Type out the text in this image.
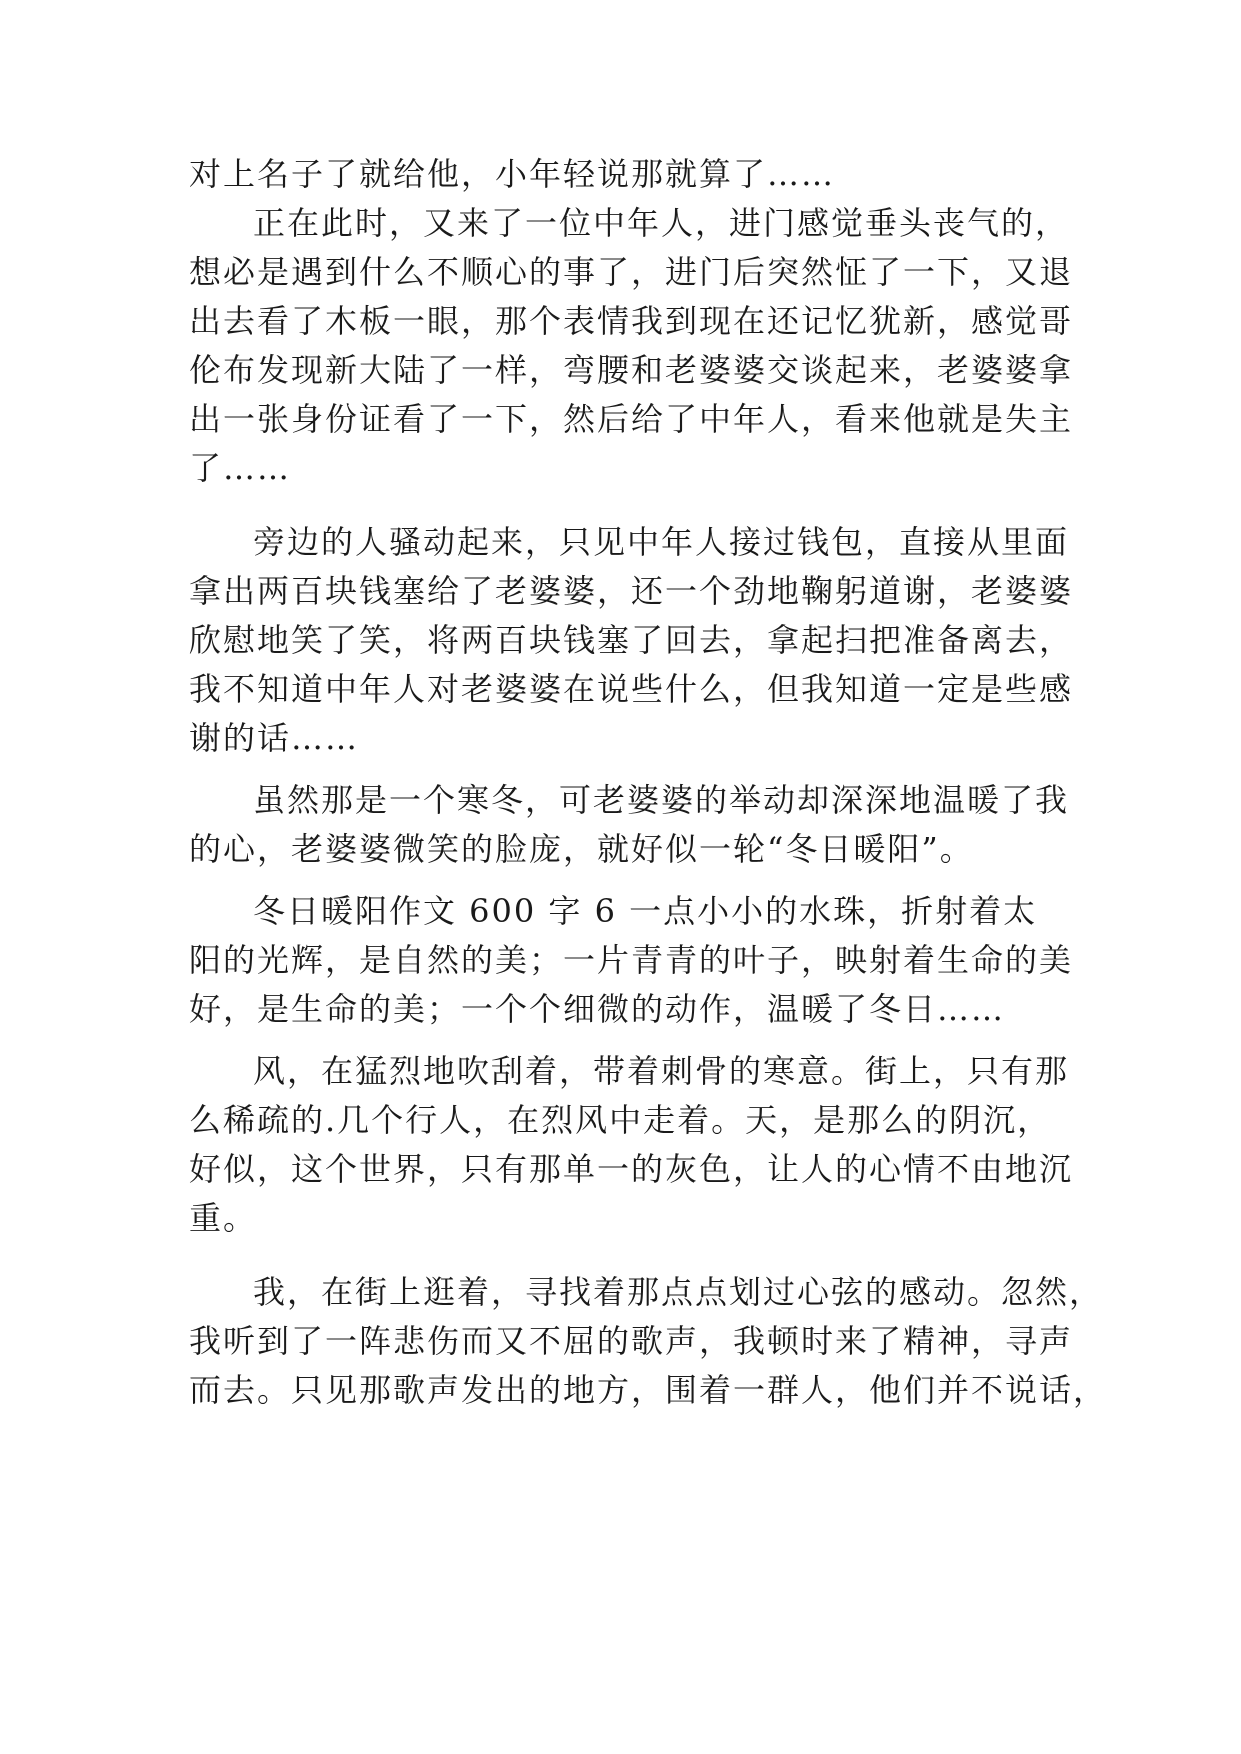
对上名子了就给他，小年轻说那就算了……
正在此时，又来了一位中年人，进门感觉垂头丧气的，
想必是遇到什么不顺心的事了，进门后突然怔了一下，又退
出去看了木板一眼，那个表情我到现在还记忆犹新，感觉哥
伦布发现新大陆了一样，弯腰和老婆婆交谈起来，老婆婆拿
出一张身份证看了一下，然后给了中年人，看来他就是失主
了……
旁边的人骚动起来，只见中年人接过钱包，直接从里面
拿出两百块钱塞给了老婆婆，还一个劲地鞠躬道谢，老婆婆
欣慰地笑了笑，将两百块钱塞了回去，拿起扫把准备离去，
我不知道中年人对老婆婆在说些什么，但我知道一定是些感
谢的话……
虽然那是一个寒冬，可老婆婆的举动却深深地温暖了我
的心，老婆婆微笑的脸庞，就好似一轮“冬日暖阳”。
冬日暖阳作文 600 字 6 一点小小的水珠，折射着太
阳的光辉，是自然的美；一片青青的叶子，映射着生命的美
好，是生命的美；一个个细微的动作，温暖了冬日……
风，在猛烈地吹刮着，带着刺骨的寒意。街上，只有那
么稀疏的.几个行人，在烈风中走着。天，是那么的阴沉，
好似，这个世界，只有那单一的灰色，让人的心情不由地沉
重。
我，在街上逛着，寻找着那点点划过心弦的感动。忽然，
我听到了一阵悲伤而又不屈的歌声，我顿时来了精神，寻声
而去。只见那歌声发出的地方，围着一群人，他们并不说话，
